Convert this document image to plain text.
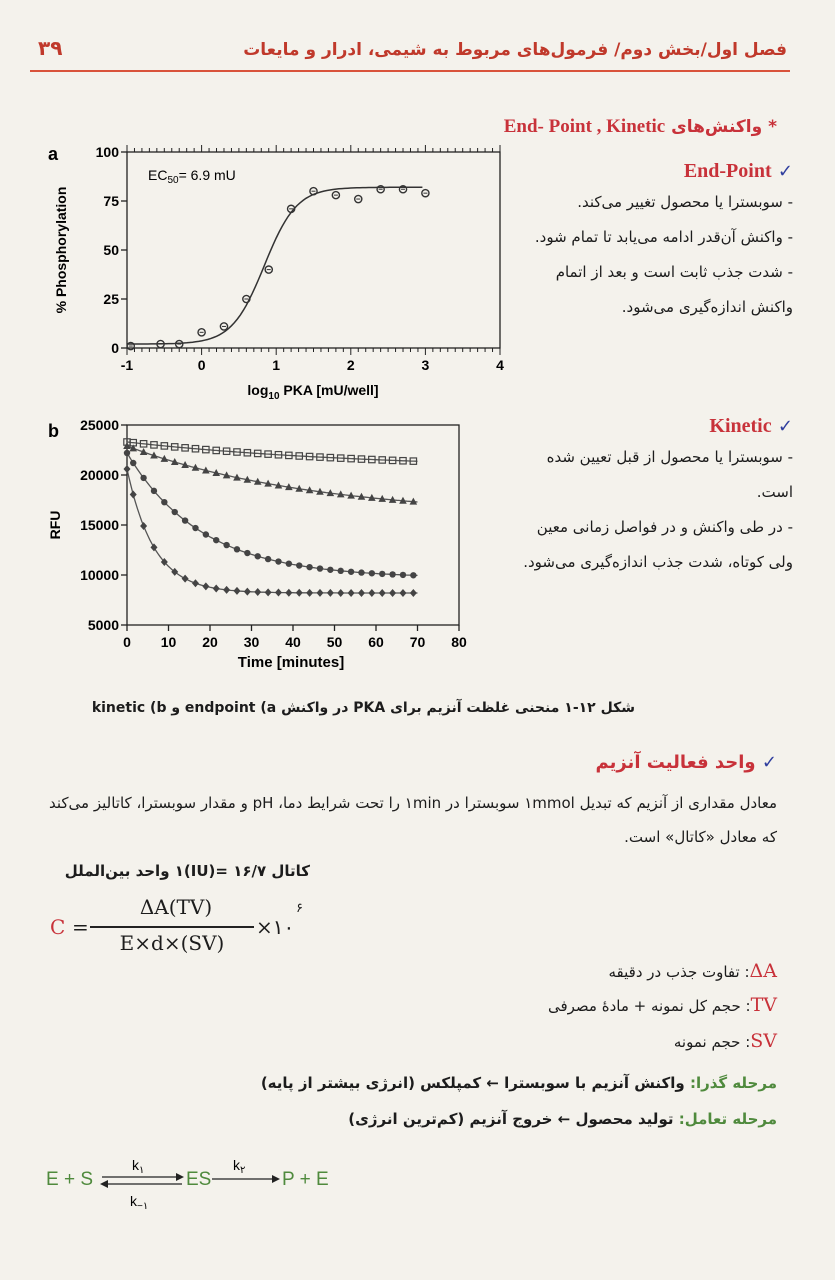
۳۹	فصل اول/بخش دوم/ فرمول‌های مربوط به شیمی، ادرار و مایعات
* واکنش‌های End- Point , Kinetic
a
$EC_{50}= 6.9$ mU
% Phosphorylation
$\log_{10}$ PKA [mU/well]
0
25
50
75
100
-1	0	1	2	3	4
b
RFU
Time [minutes]
5000
10000
15000
20000
25000
0 10 20 30 40 50 60 70 80
✓ End-Point

- سوبسترا یا محصول تغییر می‌کند.

- واکنش آن‌قدر ادامه می‌یابد تا تمام شود.

- شدت جذب ثابت است و بعد از اتمام واکنش اندازه‌گیری می‌شود.

✓ Kinetic

- سوبسترا یا محصول از قبل تعیین شده است.

- در طی واکنش و در فواصل زمانی معین ولی کوتاه، شدت جذب اندازه‌گیری می‌شود.

شکل ۱۲-۱ منحنی غلظت آنزیم برای PKA در واکنش endpoint (a و kinetic (b
✓ واحد فعالیت آنزیم
معادل مقداری از آنزیم که تبدیل ۱mmol سوبسترا در ۱min را تحت شرایط دما، pH و مقدار سوبسترا، کاتالیز می‌کند که معادل «کاتال» است.
کاتال ۱۶/۷ =(IU)۱ واحد بین‌الملل
C =
ΔA(TV)
E×d×(SV)
×۱۰
۶
ΔA: تفاوت جذب در دقیقه
TV: حجم کل نمونه + مادهٔ مصرفی
SV: حجم نمونه
مرحله گذرا: واکنش آنزیم با سوبسترا ← کمپلکس (انرژی بیشتر از پایه)
مرحله تعامل: تولید محصول ← خروج آنزیم (کم‌ترین انرژی)
E + S
$k_۱$
$k_{-۱}$
ES
$k_۲$ P + E
